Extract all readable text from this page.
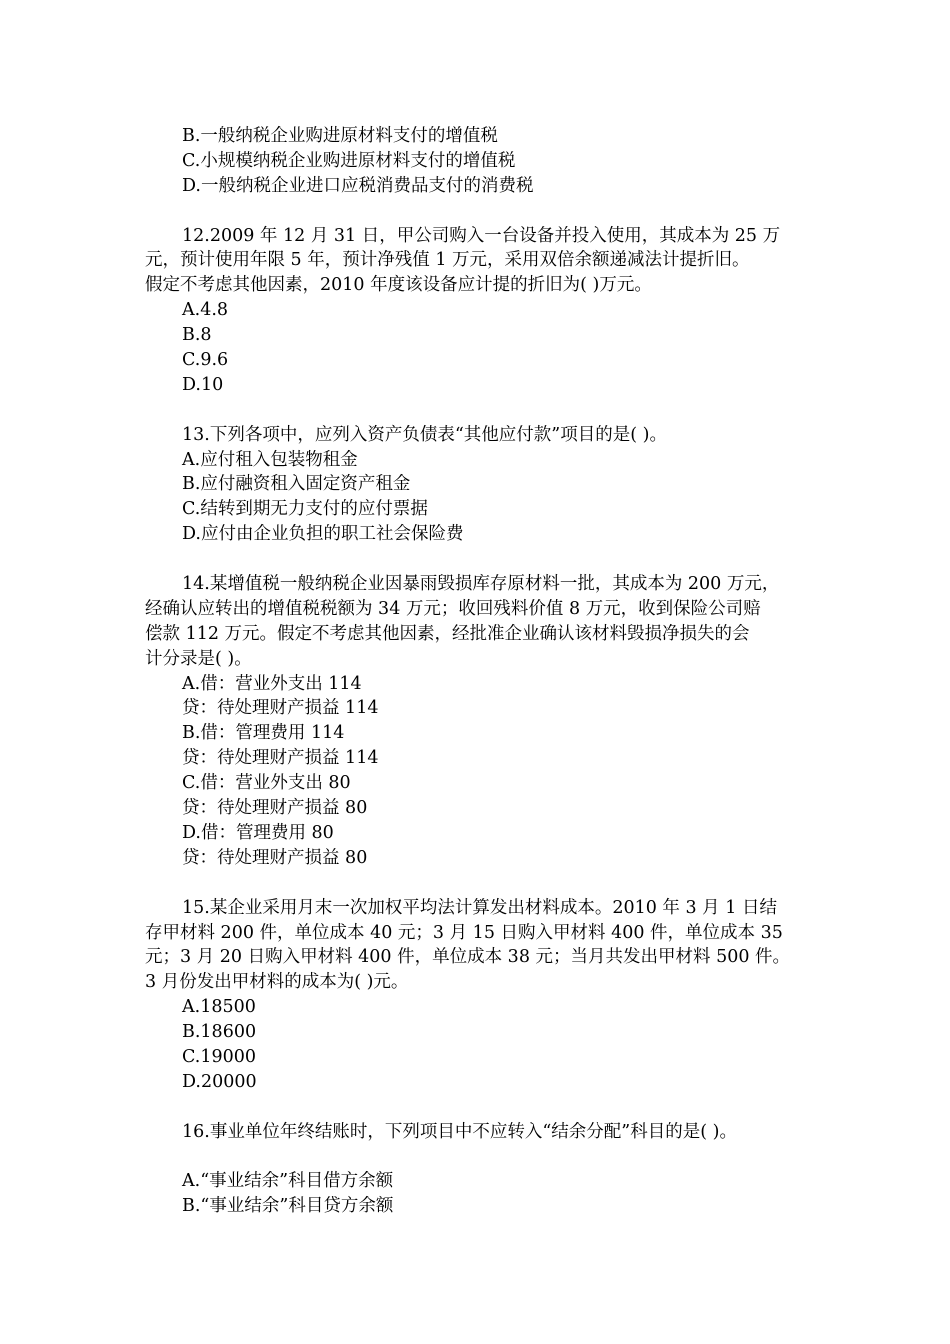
B.一般纳税企业购进原材料支付的增值税
C.小规模纳税企业购进原材料支付的增值税
D.一般纳税企业进口应税消费品支付的消费税
12.2009 年 12 月 31 日，甲公司购入一台设备并投入使用，其成本为 25 万
元，预计使用年限 5 年，预计净残值 1 万元，采用双倍余额递减法计提折旧。
假定不考虑其他因素，2010 年度该设备应计提的折旧为( )万元。
A.4.8
B.8
C.9.6
D.10
13.下列各项中，应列入资产负债表“其他应付款”项目的是( )。
A.应付租入包装物租金
B.应付融资租入固定资产租金
C.结转到期无力支付的应付票据
D.应付由企业负担的职工社会保险费
14.某增值税一般纳税企业因暴雨毁损库存原材料一批，其成本为 200 万元，
经确认应转出的增值税税额为 34 万元；收回残料价值 8 万元，收到保险公司赔
偿款 112 万元。假定不考虑其他因素，经批准企业确认该材料毁损净损失的会
计分录是( )。
A.借：营业外支出 114
贷：待处理财产损益 114
B.借：管理费用 114
贷：待处理财产损益 114
C.借：营业外支出 80
贷：待处理财产损益 80
D.借：管理费用 80
贷：待处理财产损益 80
15.某企业采用月末一次加权平均法计算发出材料成本。2010 年 3 月 1 日结
存甲材料 200 件，单位成本 40 元；3 月 15 日购入甲材料 400 件，单位成本 35
元；3 月 20 日购入甲材料 400 件，单位成本 38 元；当月共发出甲材料 500 件。
3 月份发出甲材料的成本为( )元。
A.18500
B.18600
C.19000
D.20000
16.事业单位年终结账时，下列项目中不应转入“结余分配”科目的是( )。
A.“事业结余”科目借方余额
B.“事业结余”科目贷方余额
